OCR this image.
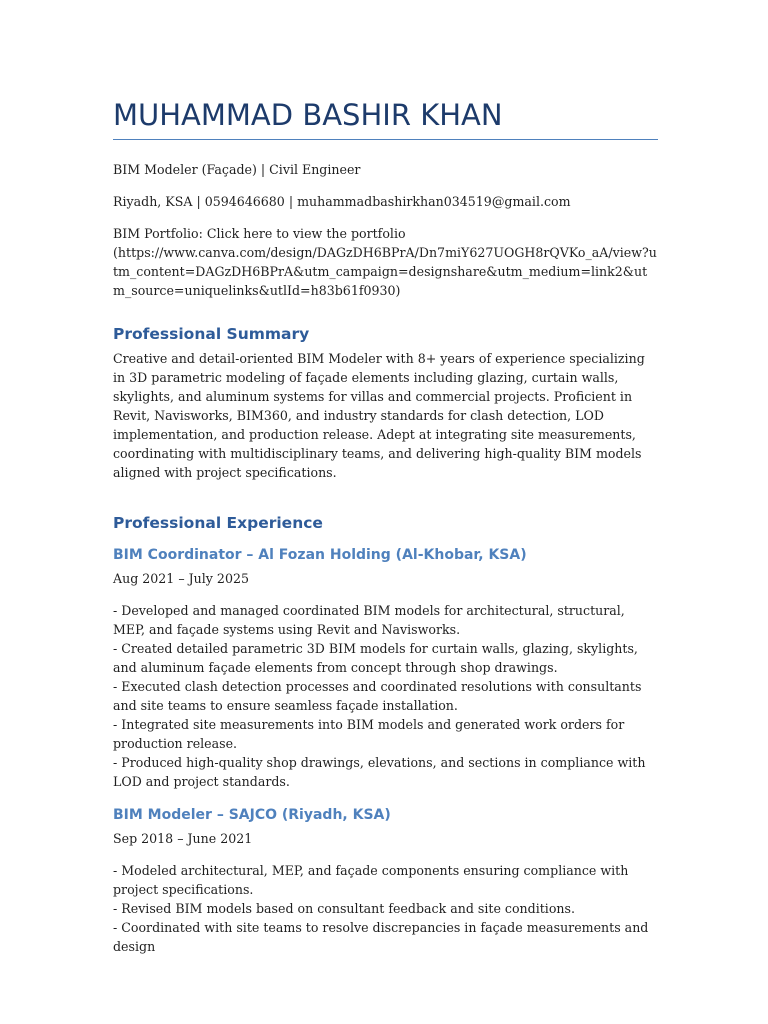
MUHAMMAD BASHIR KHAN

BIM Modeler (Façade) | Civil Engineer

Riyadh, KSA | 0594646680 | muhammadbashirkhan034519@gmail.com

BIM Portfolio: Click here to view the portfolio
(https://www.canva.com/design/DAGzDH6BPrA/Dn7miY627UOGH8rQVKo_aA/view?utm_content=DAGzDH6BPrA&utm_campaign=designshare&utm_medium=link2&utm_source=uniquelinks&utlId=h83b61f0930)

Professional Summary

Creative and detail-oriented BIM Modeler with 8+ years of experience specializing in 3D parametric modeling of façade elements including glazing, curtain walls, skylights, and aluminum systems for villas and commercial projects. Proficient in Revit, Navisworks, BIM360, and industry standards for clash detection, LOD implementation, and production release. Adept at integrating site measurements, coordinating with multidisciplinary teams, and delivering high-quality BIM models aligned with project specifications.

Professional Experience
BIM Coordinator – Al Fozan Holding (Al-Khobar, KSA)

Aug 2021 – July 2025

- Developed and managed coordinated BIM models for architectural, structural, MEP, and façade systems using Revit and Navisworks.
- Created detailed parametric 3D BIM models for curtain walls, glazing, skylights, and aluminum façade elements from concept through shop drawings.
- Executed clash detection processes and coordinated resolutions with consultants and site teams to ensure seamless façade installation.
- Integrated site measurements into BIM models and generated work orders for production release.
- Produced high-quality shop drawings, elevations, and sections in compliance with LOD and project standards.
BIM Modeler – SAJCO (Riyadh, KSA)

Sep 2018 – June 2021

- Modeled architectural, MEP, and façade components ensuring compliance with project specifications.
- Revised BIM models based on consultant feedback and site conditions.
- Coordinated with site teams to resolve discrepancies in façade measurements and design
